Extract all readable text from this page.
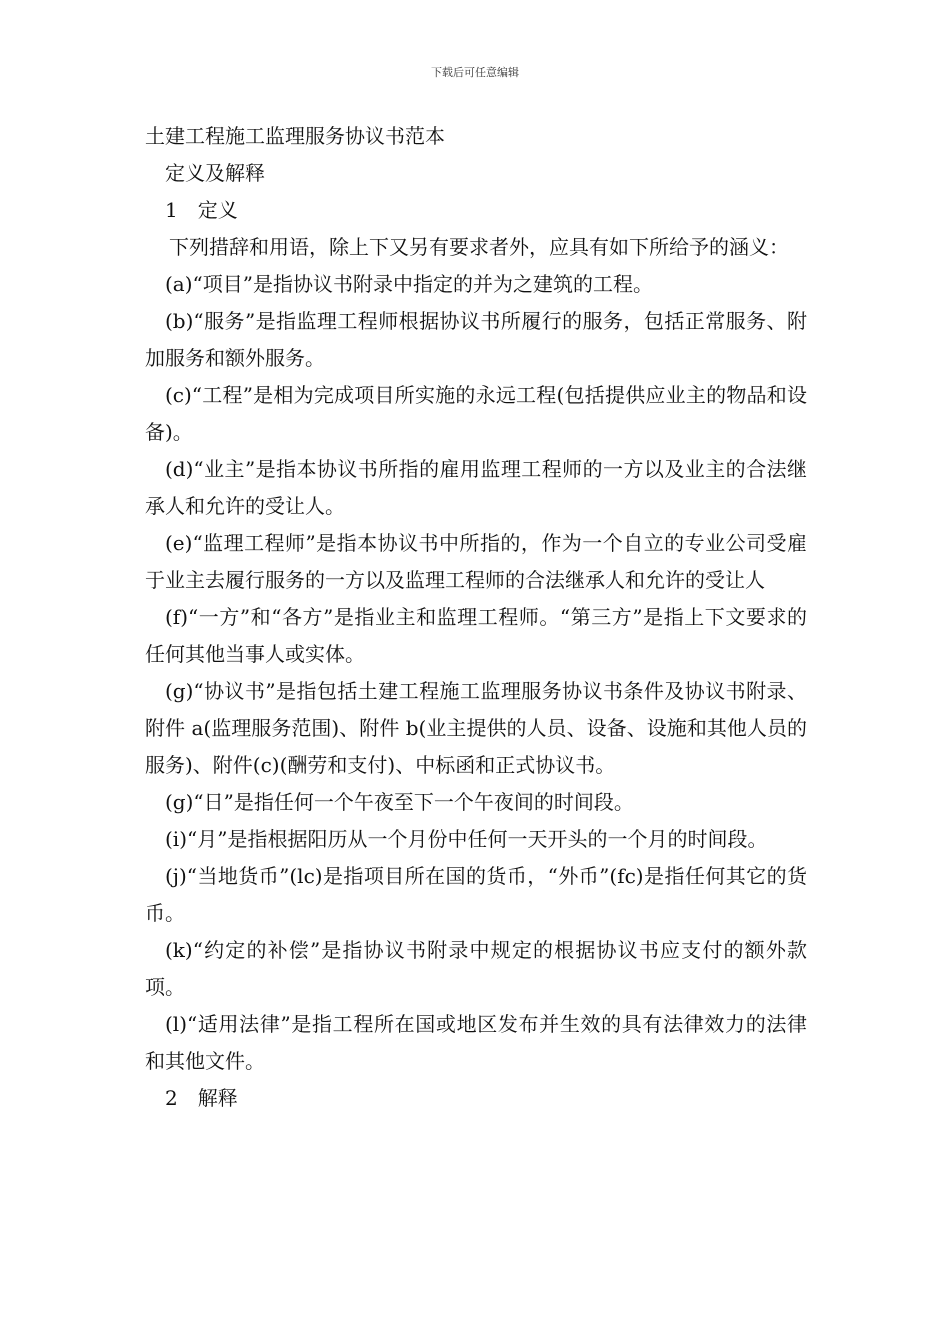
下载后可任意编辑

土建工程施工监理服务协议书范本

定义及解释

1　定义

下列措辞和用语，除上下又另有要求者外，应具有如下所给予的涵义：

(a)“项目”是指协议书附录中指定的并为之建筑的工程。

(b)“服务”是指监理工程师根据协议书所履行的服务，包括正常服务、附加服务和额外服务。

(c)“工程”是相为完成项目所实施的永远工程(包括提供应业主的物品和设备)。

(d)“业主”是指本协议书所指的雇用监理工程师的一方以及业主的合法继承人和允许的受让人。

(e)“监理工程师”是指本协议书中所指的，作为一个自立的专业公司受雇于业主去履行服务的一方以及监理工程师的合法继承人和允许的受让人

(f)“一方”和“各方”是指业主和监理工程师。“第三方”是指上下文要求的任何其他当事人或实体。

(g)“协议书”是指包括土建工程施工监理服务协议书条件及协议书附录、附件 a(监理服务范围)、附件 b(业主提供的人员、设备、设施和其他人员的服务)、附件(c)(酬劳和支付)、中标函和正式协议书。

(g)“日”是指任何一个午夜至下一个午夜间的时间段。

(i)“月”是指根据阳历从一个月份中任何一天开头的一个月的时间段。

(j)“当地货币”(lc)是指项目所在国的货币，“外币”(fc)是指任何其它的货币。

(k)“约定的补偿”是指协议书附录中规定的根据协议书应支付的额外款项。

(l)“适用法律”是指工程所在国或地区发布并生效的具有法律效力的法律和其他文件。

2　解释
